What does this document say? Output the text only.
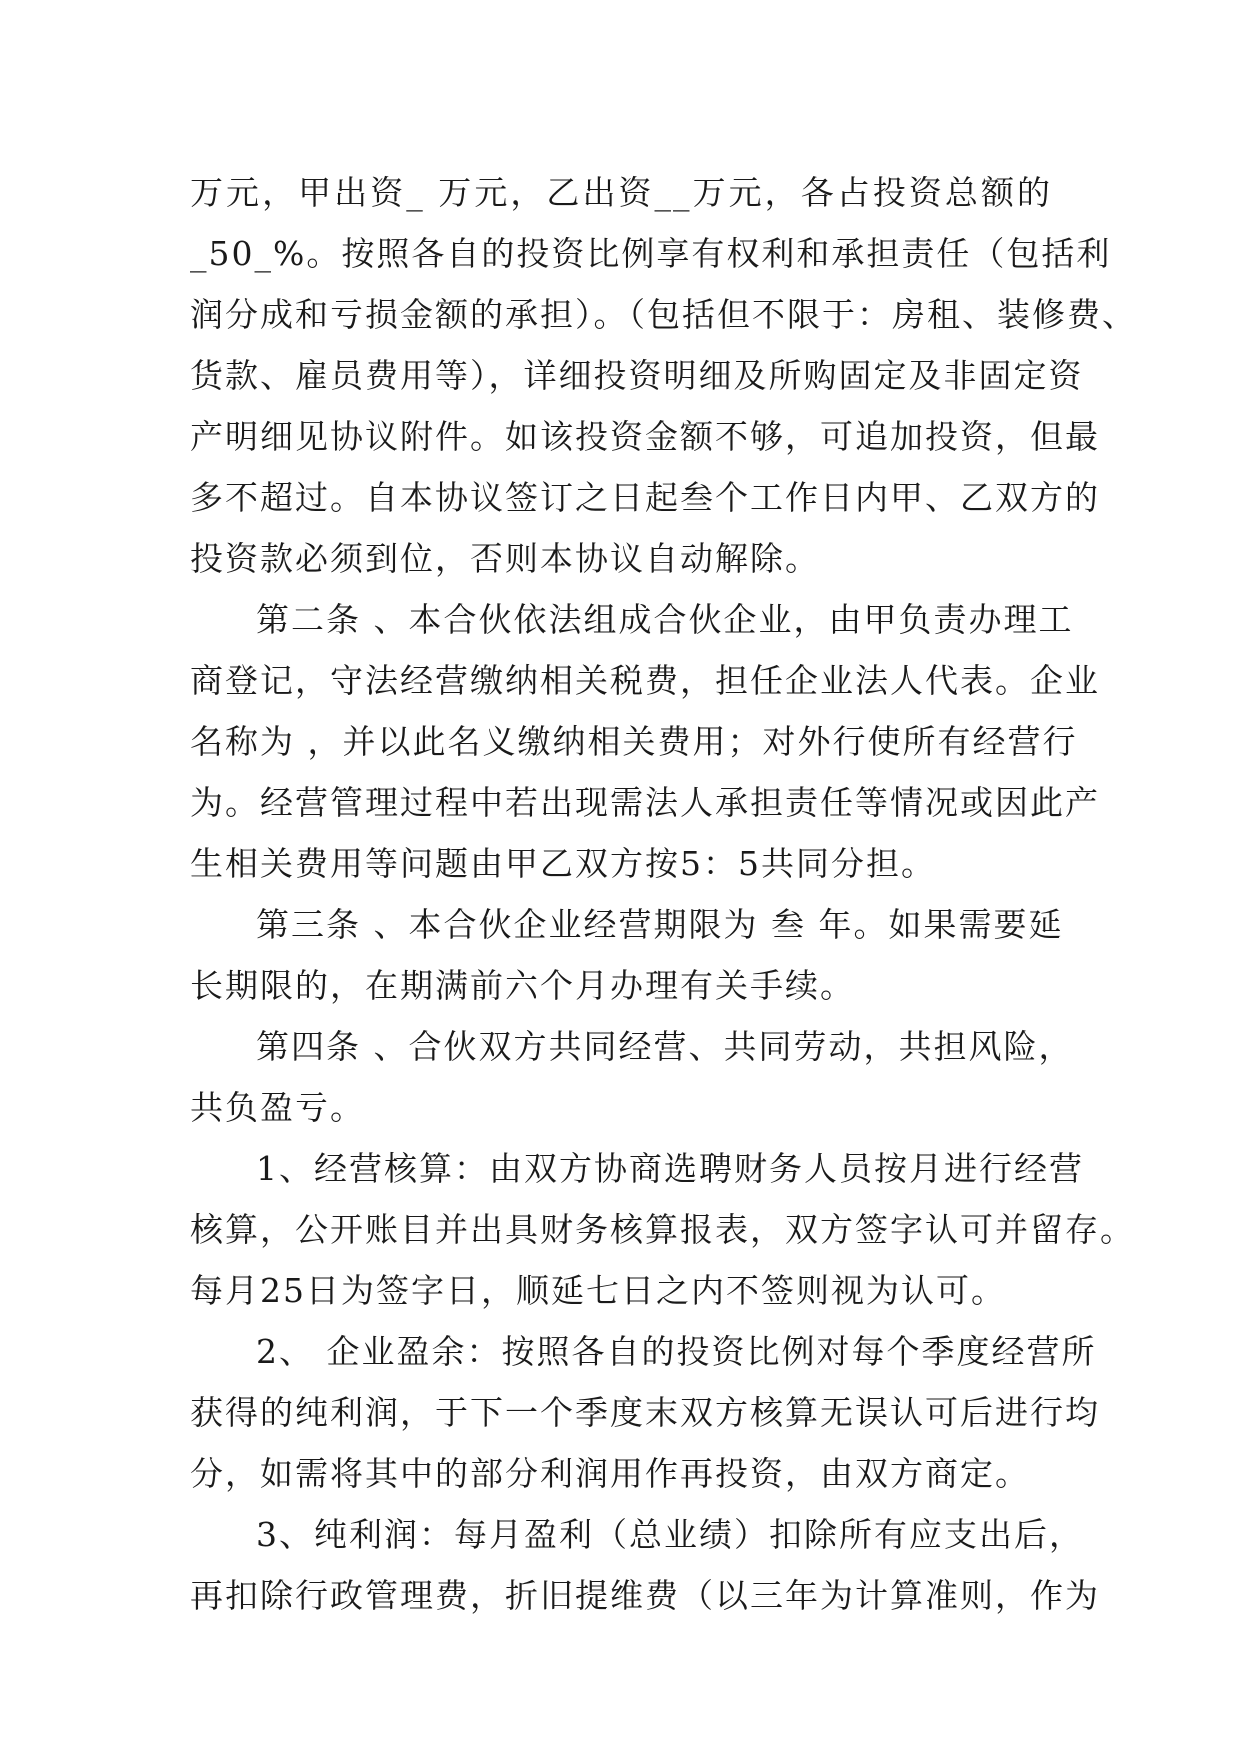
万元，甲出资_ 万元，乙出资__万元，各占投资总额的
_50_%。按照各自的投资比例享有权利和承担责任（包括利
润分成和亏损金额的承担）。（包括但不限于：房租、装修费、
货款、雇员费用等），详细投资明细及所购固定及非固定资
产明细见协议附件。如该投资金额不够，可追加投资，但最
多不超过。自本协议签订之日起叁个工作日内甲、乙双方的
投资款必须到位，否则本协议自动解除。
第二条 、本合伙依法组成合伙企业，由甲负责办理工
商登记，守法经营缴纳相关税费，担任企业法人代表。企业
名称为 ，并以此名义缴纳相关费用；对外行使所有经营行
为。经营管理过程中若出现需法人承担责任等情况或因此产
生相关费用等问题由甲乙双方按5：5共同分担。
第三条 、本合伙企业经营期限为 叁 年。如果需要延
长期限的，在期满前六个月办理有关手续。
第四条 、合伙双方共同经营、共同劳动，共担风险，
共负盈亏。
1、经营核算：由双方协商选聘财务人员按月进行经营
核算，公开账目并出具财务核算报表，双方签字认可并留存。
每月25日为签字日，顺延七日之内不签则视为认可。
2、 企业盈余：按照各自的投资比例对每个季度经营所
获得的纯利润，于下一个季度末双方核算无误认可后进行均
分，如需将其中的部分利润用作再投资，由双方商定。
3、纯利润：每月盈利（总业绩）扣除所有应支出后，
再扣除行政管理费，折旧提维费（以三年为计算准则，作为
